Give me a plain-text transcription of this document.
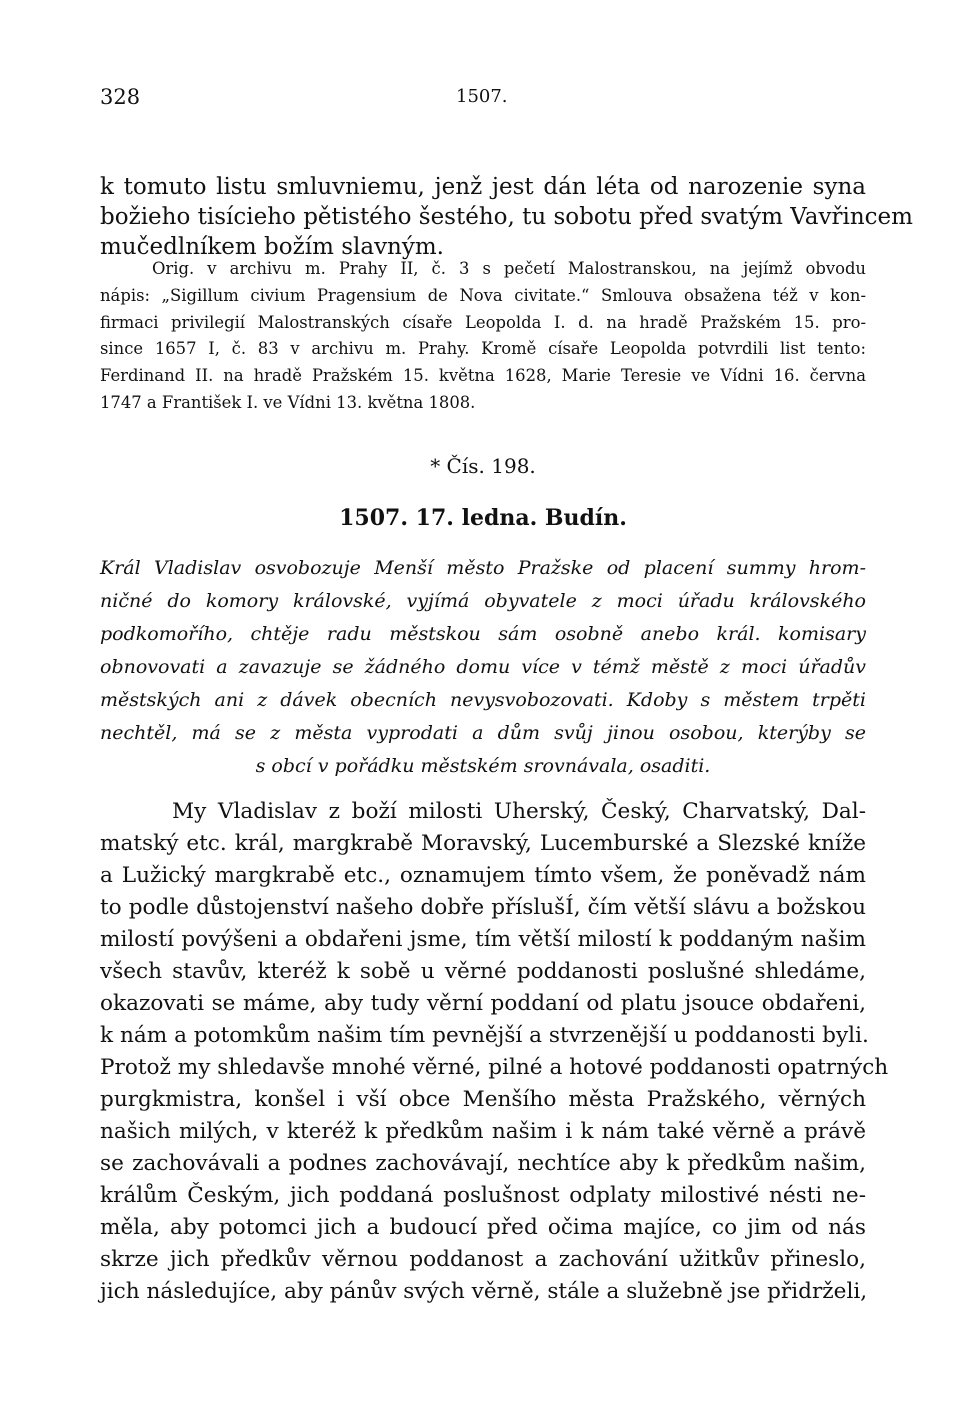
328	1507.
k tomuto listu smluvniemu, jenž jest dán léta od narozenie syna
božieho tisícieho pětistého šestého, tu sobotu před svatým Vavřincem
mučedlníkem božím slavným.
Orig. v archivu m. Prahy II, č. 3 s pečetí Malostranskou, na jejímž obvodu
nápis: „Sigillum civium Pragensium de Nova civitate.“ Smlouva obsažena též v kon-
firmaci privilegií Malostranských císaře Leopolda I. d. na hradě Pražském 15. pro-
since 1657 I, č. 83 v archivu m. Prahy. Kromě císaře Leopolda potvrdili list tento:
Ferdinand II. na hradě Pražském 15. května 1628, Marie Teresie ve Vídni 16. června
1747 a František I. ve Vídni 13. května 1808.
* Čís. 198.
1507. 17. ledna. Budín.
Král Vladislav osvobozuje Menší město Pražske od placení summy hrom-
ničné do komory královské, vyjímá obyvatele z moci úřadu královského
podkomořího, chtěje radu městskou sám osobně anebo král. komisary
obnovovati a zavazuje se žádného domu více v témž městě z moci úřadův
městských ani z dávek obecních nevysvobozovati. Kdoby s městem trpěti
nechtěl, má se z města vyprodati a dům svůj jinou osobou, kterýby se
s obcí v pořádku městském srovnávala, osaditi.
My Vladislav z boží milosti Uherský, Český, Charvatský, Dal-
matský etc. král, margkrabě Moravský, Lucemburské a Slezské kníže
a Lužický margkrabě etc., oznamujem tímto všem, že poněvadž nám
to podle důstojenství našeho dobře příslušÍ, čím větší slávu a božskou
milostí povýšeni a obdařeni jsme, tím větší milostí k poddaným našim
všech stavův, kteréž k sobě u věrné poddanosti poslušné shledáme,
okazovati se máme, aby tudy věrní poddaní od platu jsouce obdařeni,
k nám a potomkům našim tím pevnější a stvrzenější u poddanosti byli.
Protož my shledavše mnohé věrné, pilné a hotové poddanosti opatrných
purgkmistra, konšel i vší obce Menšího města Pražského, věrných
našich milých, v kteréž k předkům našim i k nám také věrně a právě
se zachovávali a podnes zachovávají, nechtíce aby k předkům našim,
králům Českým, jich poddaná poslušnost odplaty milostivé nésti ne-
měla, aby potomci jich a budoucí před očima majíce, co jim od nás
skrze jich předkův věrnou poddanost a zachování užitkův přineslo,
jich následujíce, aby pánův svých věrně, stále a služebně jse přidrželi,
